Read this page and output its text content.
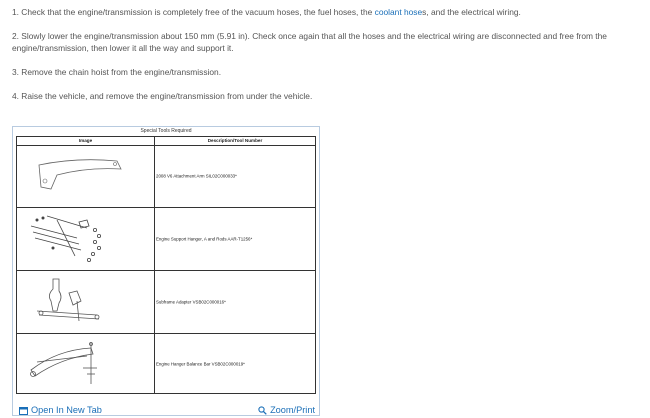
1. Check that the engine/transmission is completely free of the vacuum hoses, the fuel hoses, the coolant hoses, and the electrical wiring.

2. Slowly lower the engine/transmission about 150 mm (5.91 in). Check once again that all the hoses and the electrical wiring are disconnected and free from the engine/transmission, then lower it all the way and support it.

3. Remove the chain hoist from the engine/transmission.

4. Raise the vehicle, and remove the engine/transmission from under the vehicle.

Special Tools Required
Image	Description/Tool Number
2008 V6 Attachment Arm SIL02C000033*
Engine Support Hanger, A and Rods AAR-T1256*
Subframe Adapter VSB02C000016*
Engine Hanger Balance Bar VSB02C000019*
Open In New Tab	Zoom/Print
